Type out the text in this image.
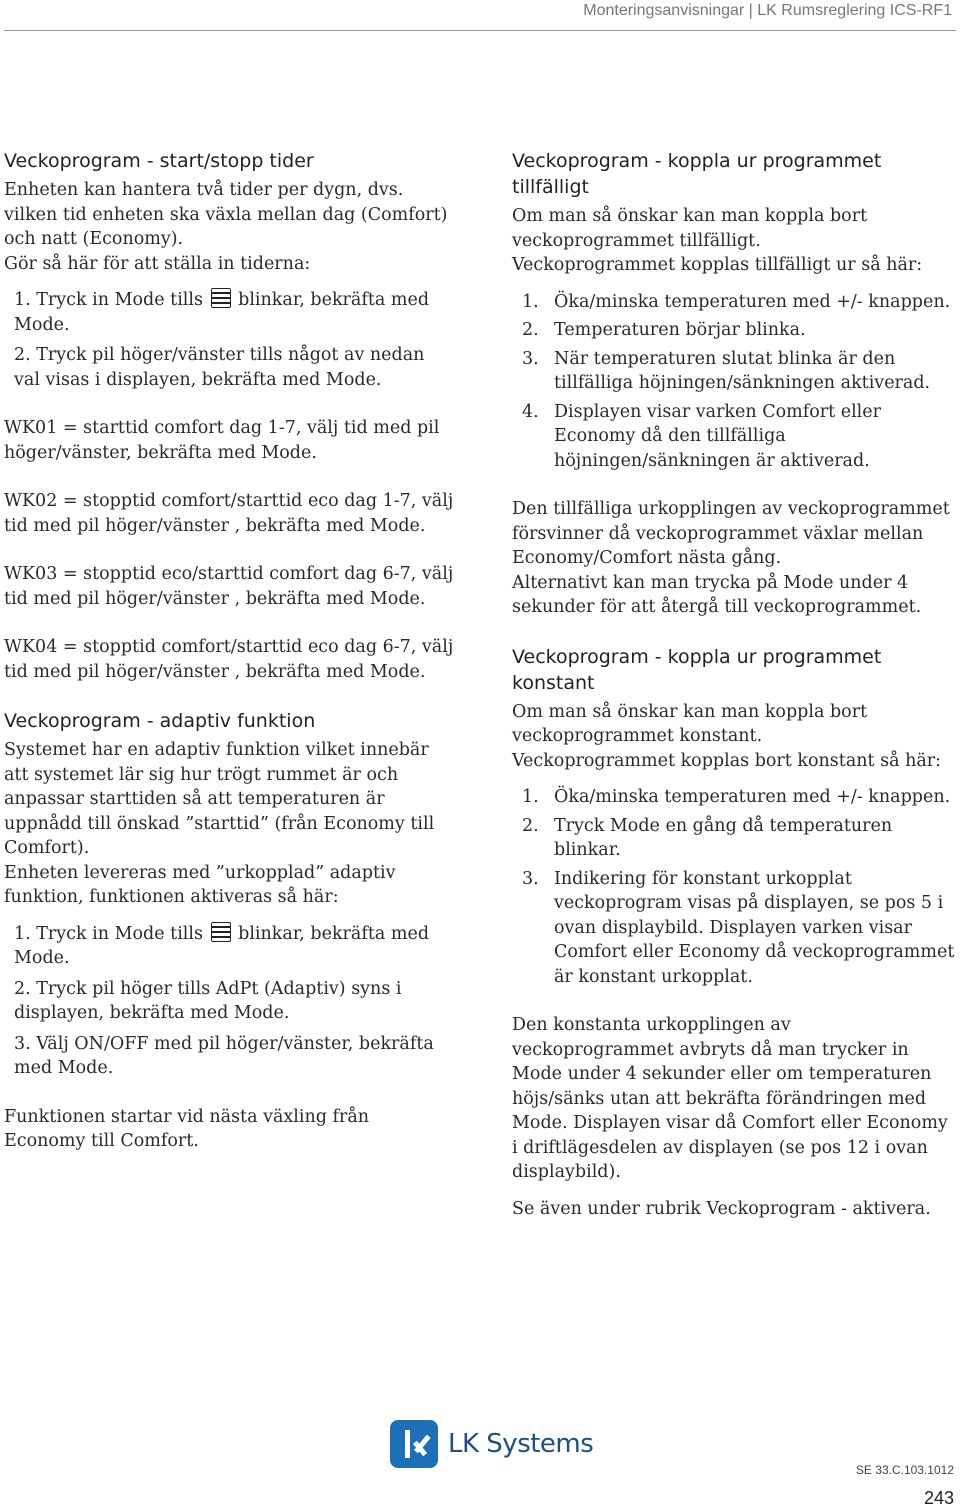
Monteringsanvisningar | LK Rumsreglering ICS-RF1
Veckoprogram - start/stopp tider

Enheten kan hantera två tider per dygn, dvs. vilken tid enheten ska växla mellan dag (Comfort) och natt (Economy).

Gör så här för att ställa in tiderna:

1. Tryck in Mode tills blinkar, bekräfta med Mode.

2. Tryck pil höger/vänster tills något av nedan val visas i displayen, bekräfta med Mode.

WK01 = starttid comfort dag 1-7, välj tid med pil höger/vänster, bekräfta med Mode.

WK02 = stopptid comfort/starttid eco dag 1-7, välj tid med pil höger/vänster , bekräfta med Mode.

WK03 = stopptid eco/starttid comfort dag 6-7, välj tid med pil höger/vänster , bekräfta med Mode.

WK04 = stopptid comfort/starttid eco dag 6-7, välj tid med pil höger/vänster , bekräfta med Mode.

Veckoprogram - adaptiv funktion

Systemet har en adaptiv funktion vilket innebär att systemet lär sig hur trögt rummet är och anpassar starttiden så att temperaturen är uppnådd till önskad ”starttid” (från Economy till Comfort).

Enheten levereras med ”urkopplad” adaptiv funktion, funktionen aktiveras så här:

1. Tryck in Mode tills blinkar, bekräfta med Mode.

2. Tryck pil höger tills AdPt (Adaptiv) syns i displayen, bekräfta med Mode.

3. Välj ON/OFF med pil höger/vänster, bekräfta med Mode.

Funktionen startar vid nästa växling från Economy till Comfort.

Veckoprogram - koppla ur programmet tillfälligt

Om man så önskar kan man koppla bort veckoprogrammet tillfälligt.

Veckoprogrammet kopplas tillfälligt ur så här:

1. Öka/minska temperaturen med +/- knappen.
2. Temperaturen börjar blinka.
3. När temperaturen slutat blinka är den tillfälliga höjningen/sänkningen aktiverad.
4. Displayen visar varken Comfort eller Economy då den tillfälliga höjningen/sänkningen är aktiverad.

Den tillfälliga urkopplingen av veckoprogrammet försvinner då veckoprogrammet växlar mellan Economy/Comfort nästa gång.

Alternativt kan man trycka på Mode under 4 sekunder för att återgå till veckoprogrammet.

Veckoprogram - koppla ur programmet konstant

Om man så önskar kan man koppla bort veckoprogrammet konstant.

Veckoprogrammet kopplas bort konstant så här:

1. Öka/minska temperaturen med +/- knappen.
2. Tryck Mode en gång då temperaturen blinkar.
3. Indikering för konstant urkopplat veckoprogram visas på displayen, se pos 5 i ovan displaybild. Displayen varken visar Comfort eller Economy då veckoprogrammet är konstant urkopplat.

Den konstanta urkopplingen av veckoprogrammet avbryts då man trycker in Mode under 4 sekunder eller om temperaturen höjs/sänks utan att bekräfta förändringen med Mode. Displayen visar då Comfort eller Economy i driftlägesdelen av displayen (se pos 12 i ovan displaybild).

Se även under rubrik Veckoprogram - aktivera.

LK Systems
SE 33.C.103.1012
243
